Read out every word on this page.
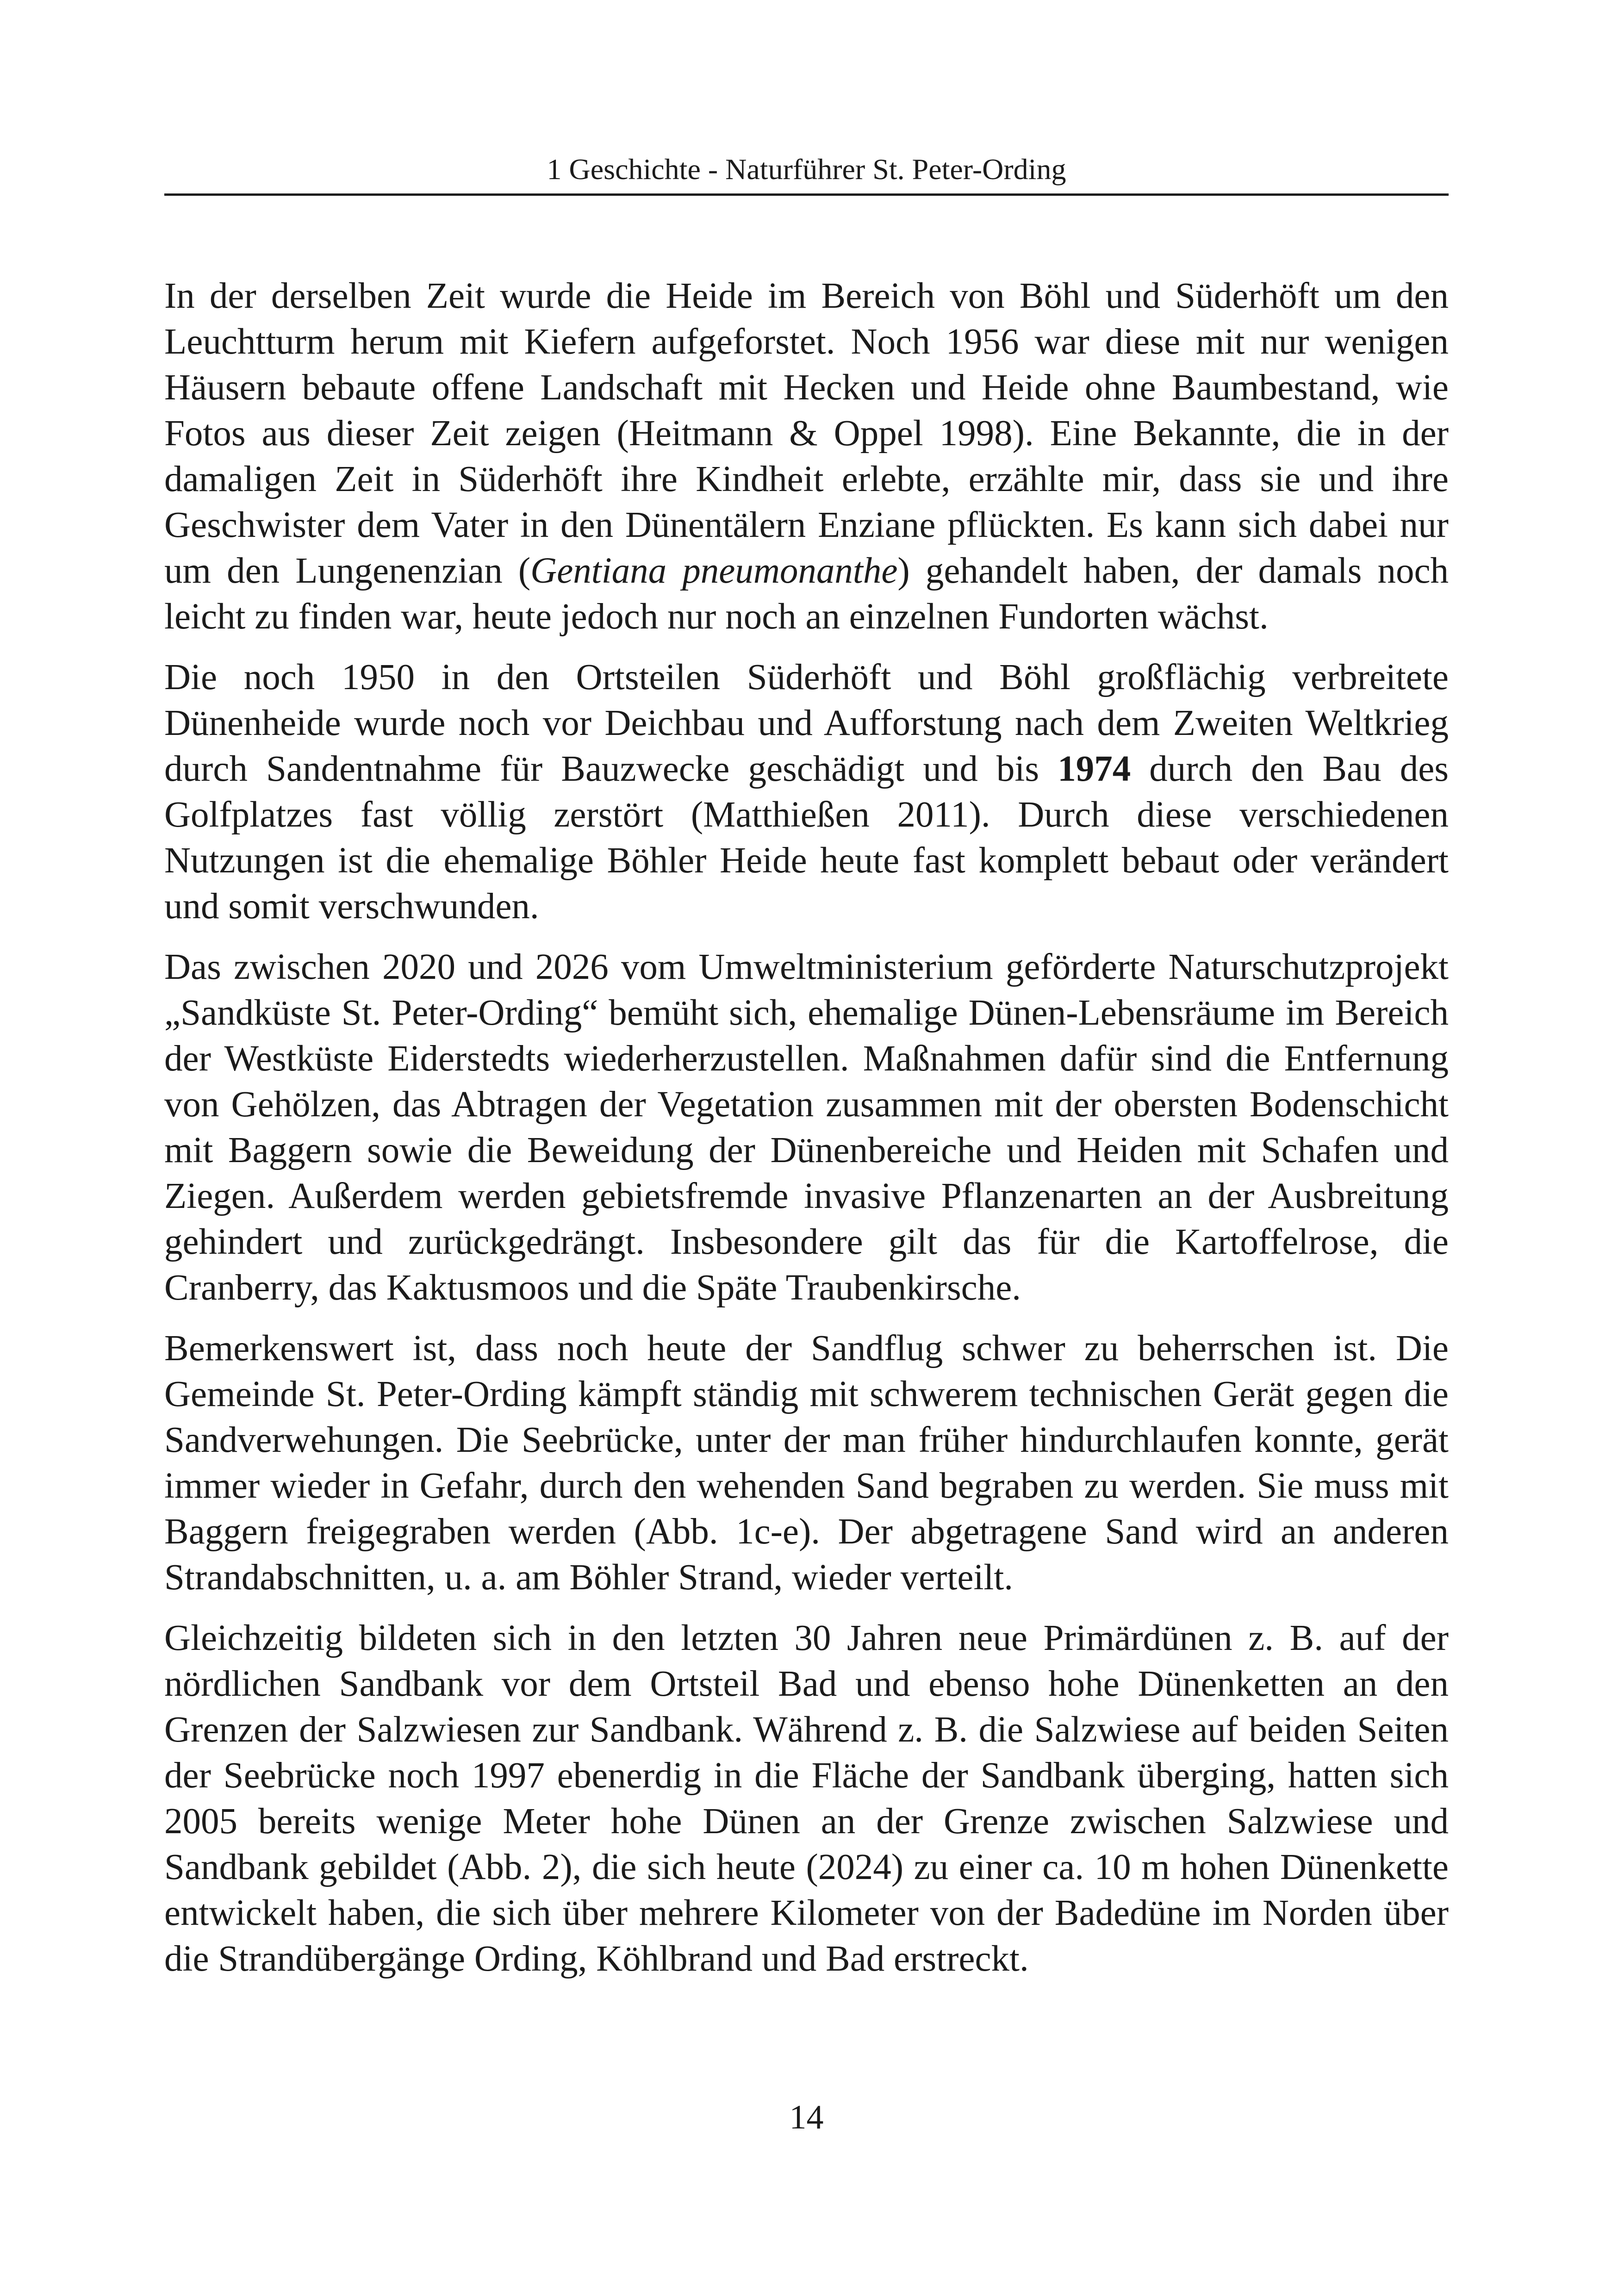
1 Geschichte - Naturführer St. Peter-Ording

In der derselben Zeit wurde die Heide im Bereich von Böhl und Süderhöft um den Leuchtturm herum mit Kiefern aufgeforstet. Noch 1956 war diese mit nur wenigen Häusern bebaute offene Landschaft mit Hecken und Heide ohne Baumbestand, wie Fotos aus dieser Zeit zeigen (Heitmann & Oppel 1998). Eine Bekannte, die in der damaligen Zeit in Süderhöft ihre Kindheit erlebte, erzählte mir, dass sie und ihre Geschwister dem Vater in den Dünentälern Enziane pflückten. Es kann sich dabei nur um den Lungenenzian (Gentiana pneumonanthe) gehandelt haben, der damals noch leicht zu finden war, heute jedoch nur noch an einzelnen Fundorten wächst.

Die noch 1950 in den Ortsteilen Süderhöft und Böhl großflächig verbreitete Dünenheide wurde noch vor Deichbau und Aufforstung nach dem Zweiten Weltkrieg durch Sandentnahme für Bauzwecke geschädigt und bis 1974 durch den Bau des Golfplatzes fast völlig zerstört (Matthießen 2011). Durch diese verschiedenen Nutzungen ist die ehemalige Böhler Heide heute fast komplett bebaut oder verändert und somit verschwunden.

Das zwischen 2020 und 2026 vom Umweltministerium geförderte Naturschutzprojekt „Sandküste St. Peter-Ording“ bemüht sich, ehemalige Dünen-Lebensräume im Bereich der Westküste Eiderstedts wiederherzustellen. Maßnahmen dafür sind die Entfernung von Gehölzen, das Abtragen der Vegetation zusammen mit der obersten Bodenschicht mit Baggern sowie die Beweidung der Dünenbereiche und Heiden mit Schafen und Ziegen. Außerdem werden gebietsfremde invasive Pflanzenarten an der Ausbreitung gehindert und zurückgedrängt. Insbesondere gilt das für die Kartoffelrose, die Cranberry, das Kaktusmoos und die Späte Traubenkirsche.

Bemerkenswert ist, dass noch heute der Sandflug schwer zu beherrschen ist. Die Gemeinde St. Peter-Ording kämpft ständig mit schwerem technischen Gerät gegen die Sandverwehungen. Die Seebrücke, unter der man früher hindurchlaufen konnte, gerät immer wieder in Gefahr, durch den wehenden Sand begraben zu werden. Sie muss mit Baggern freigegraben werden (Abb. 1c-e). Der abgetragene Sand wird an anderen Strandabschnitten, u. a. am Böhler Strand, wieder verteilt.

Gleichzeitig bildeten sich in den letzten 30 Jahren neue Primärdünen z. B. auf der nördlichen Sandbank vor dem Ortsteil Bad und ebenso hohe Dünenketten an den Grenzen der Salzwiesen zur Sandbank. Während z. B. die Salzwiese auf beiden Seiten der Seebrücke noch 1997 ebenerdig in die Fläche der Sandbank überging, hatten sich 2005 bereits wenige Meter hohe Dünen an der Grenze zwischen Salzwiese und Sandbank gebildet (Abb. 2), die sich heute (2024) zu einer ca. 10 m hohen Dünenkette entwickelt haben, die sich über mehrere Kilometer von der Badedüne im Norden über die Strandübergänge Ording, Köhlbrand und Bad erstreckt.

14
